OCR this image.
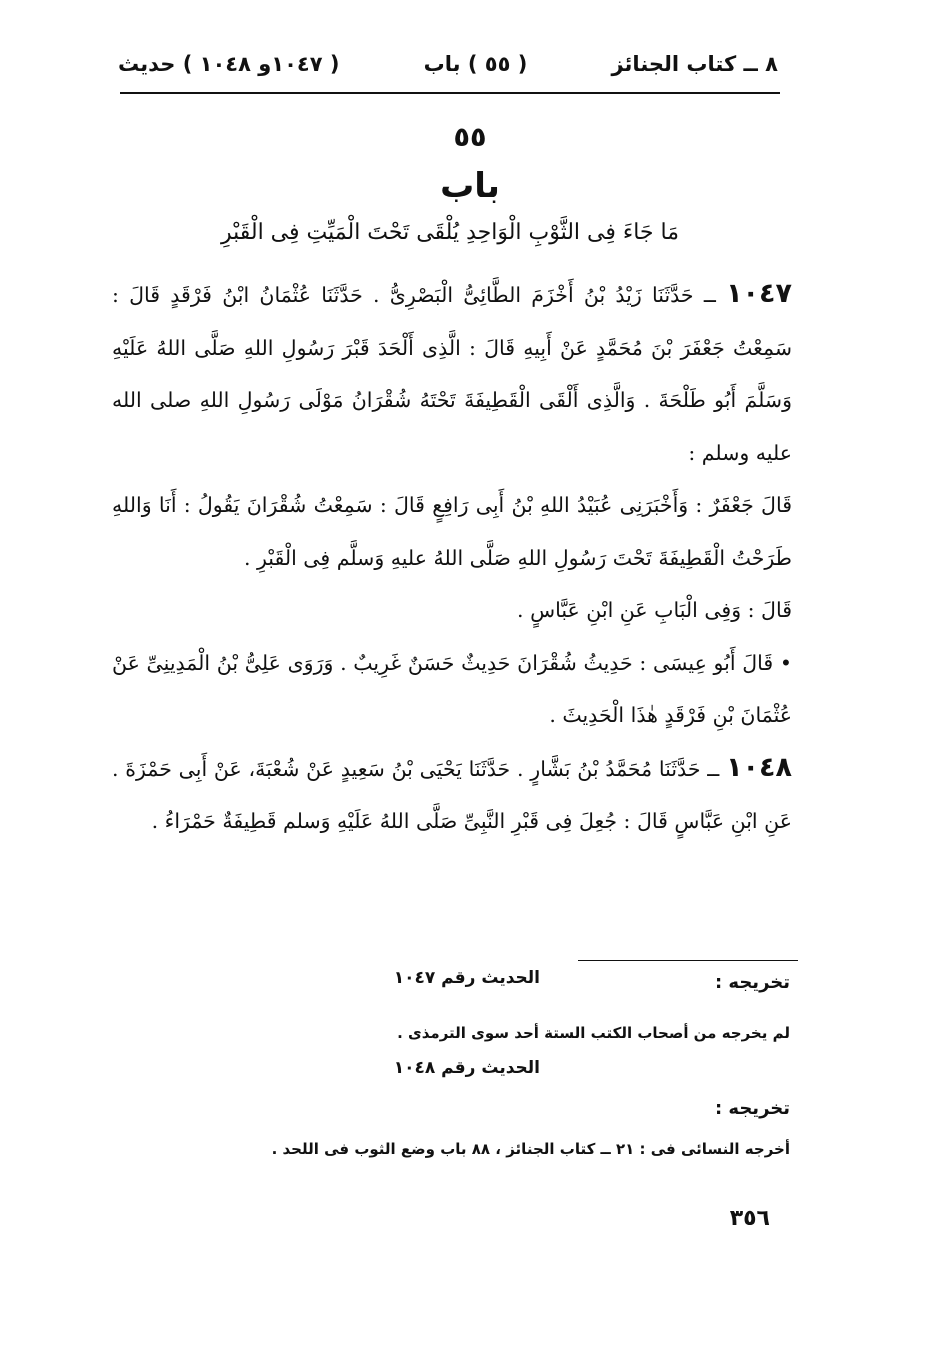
٨ ــ كتاب الجنائز
( ٥٥ ) باب
( ١٠٤٧و ١٠٤٨ ) حديث
٥٥
باب
مَا جَاءَ فِى الثَّوْبِ الْوَاحِدِ يُلْقَى تَحْتَ الْمَيِّتِ فِى الْقَبْرِ

١٠٤٧ ــ حَدَّثَنَا زَيْدُ بْنُ أَخْزَمَ الطَّائِىُّ الْبَصْرِىُّ . حَدَّثَنَا عُثْمَانُ ابْنُ فَرْقَدٍ قَالَ : سَمِعْتُ جَعْفَرَ بْنَ مُحَمَّدٍ عَنْ أَبِيهِ قَالَ : الَّذِى أَلْحَدَ قَبْرَ رَسُولِ اللهِ صَلَّى اللهُ عَلَيْهِ وَسَلَّمَ أَبُو طَلْحَةَ . وَالَّذِى أَلْقَى الْقَطِيفَةَ تَحْتَهُ شُقْرَانُ مَوْلَى رَسُولِ اللهِ صلى الله عليه وسلم :

قَالَ جَعْفَرٌ : وَأَخْبَرَنِى عُبَيْدُ اللهِ بْنُ أَبِى رَافِعٍ قَالَ : سَمِعْتُ شُقْرَانَ يَقُولُ : أَنَا وَاللهِ طَرَحْتُ الْقَطِيفَةَ تَحْتَ رَسُولِ اللهِ صَلَّى اللهُ عليهِ وَسلَّم فِى الْقَبْرِ .

قَالَ : وَفِى الْبَابِ عَنِ ابْنِ عَبَّاسٍ .

• قَالَ أَبُو عِيسَى : حَدِيثُ شُقْرَانَ حَدِيثٌ حَسَنٌ غَرِيبٌ . وَرَوَى عَلِىُّ بْنُ الْمَدِينِىِّ عَنْ عُثْمَانَ بْنِ فَرْقَدٍ هٰذَا الْحَدِيثَ .

١٠٤٨ ــ حَدَّثَنَا مُحَمَّدُ بْنُ بَشَّارٍ . حَدَّثَنَا يَحْيَى بْنُ سَعِيدٍ عَنْ شُعْبَةَ، عَنْ أَبِى حَمْزَةَ . عَنِ ابْنِ عَبَّاسٍ قَالَ : جُعِلَ فِى قَبْرِ النَّبِىِّ صَلَّى اللهُ عَلَيْهِ وَسلم قَطِيفَةٌ حَمْرَاءُ .

تخريجه :
الحديث رقم ١٠٤٧
لم يخرجه من أصحاب الكتب الستة أحد سوى الترمذى .
الحديث رقم ١٠٤٨
تخريجه :
أخرجه النسائى فى : ٢١ ــ كتاب الجنائز ، ٨٨ باب وضع الثوب فى اللحد .
٣٥٦
